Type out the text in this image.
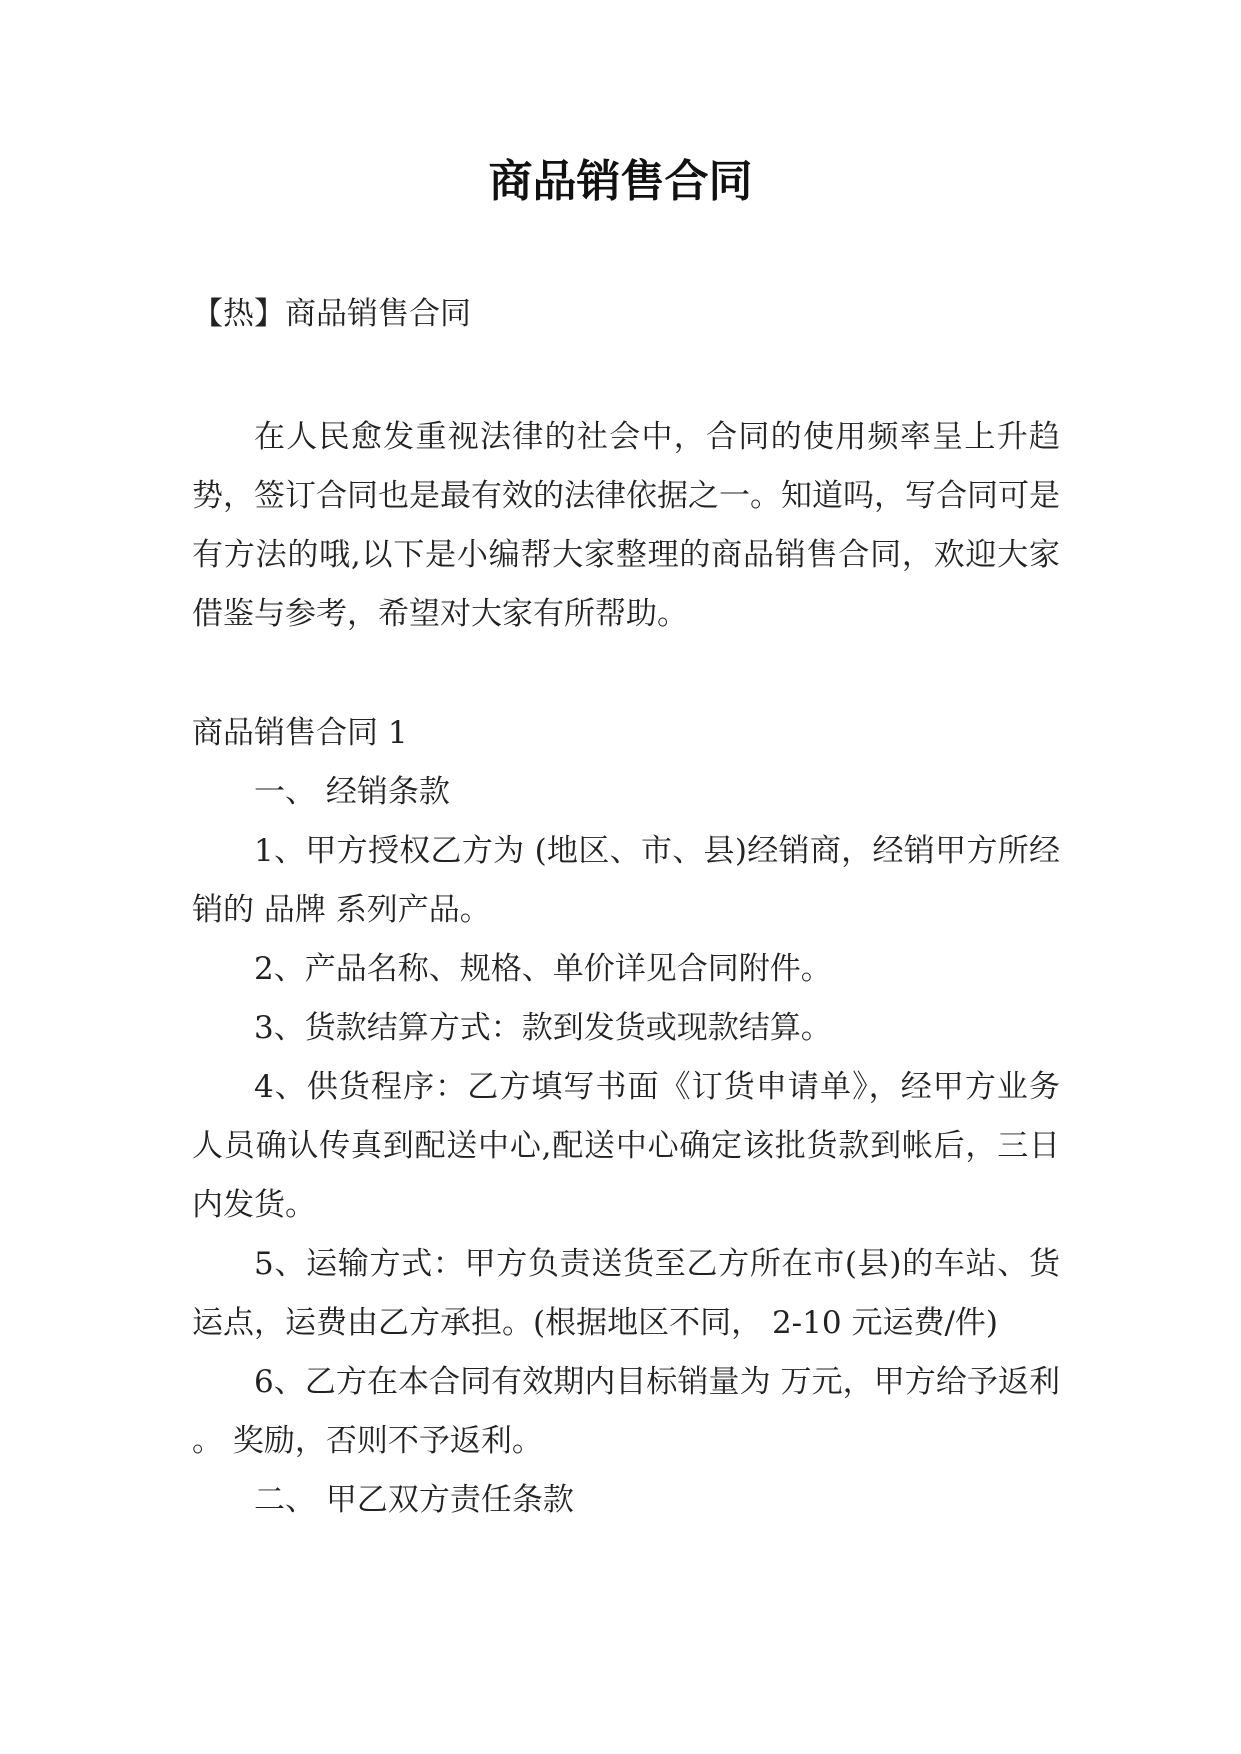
商品销售合同
【热】商品销售合同

在人民愈发重视法律的社会中，合同的使用频率呈上升趋势，签订合同也是最有效的法律依据之一。知道吗，写合同可是有方法的哦,以下是小编帮大家整理的商品销售合同，欢迎大家借鉴与参考，希望对大家有所帮助。

商品销售合同 1

一、 经销条款

1、甲方授权乙方为 (地区、市、县)经销商，经销甲方所经销的 品牌 系列产品。

2、产品名称、规格、单价详见合同附件。

3、货款结算方式：款到发货或现款结算。

4、供货程序：乙方填写书面《订货申请单》，经甲方业务人员确认传真到配送中心,配送中心确定该批货款到帐后，三日内发货。

5、运输方式：甲方负责送货至乙方所在市(县)的车站、货运点，运费由乙方承担。(根据地区不同， 2-10 元运费/件)

6、乙方在本合同有效期内目标销量为 万元，甲方给予返利 。 奖励，否则不予返利。

二、 甲乙双方责任条款
